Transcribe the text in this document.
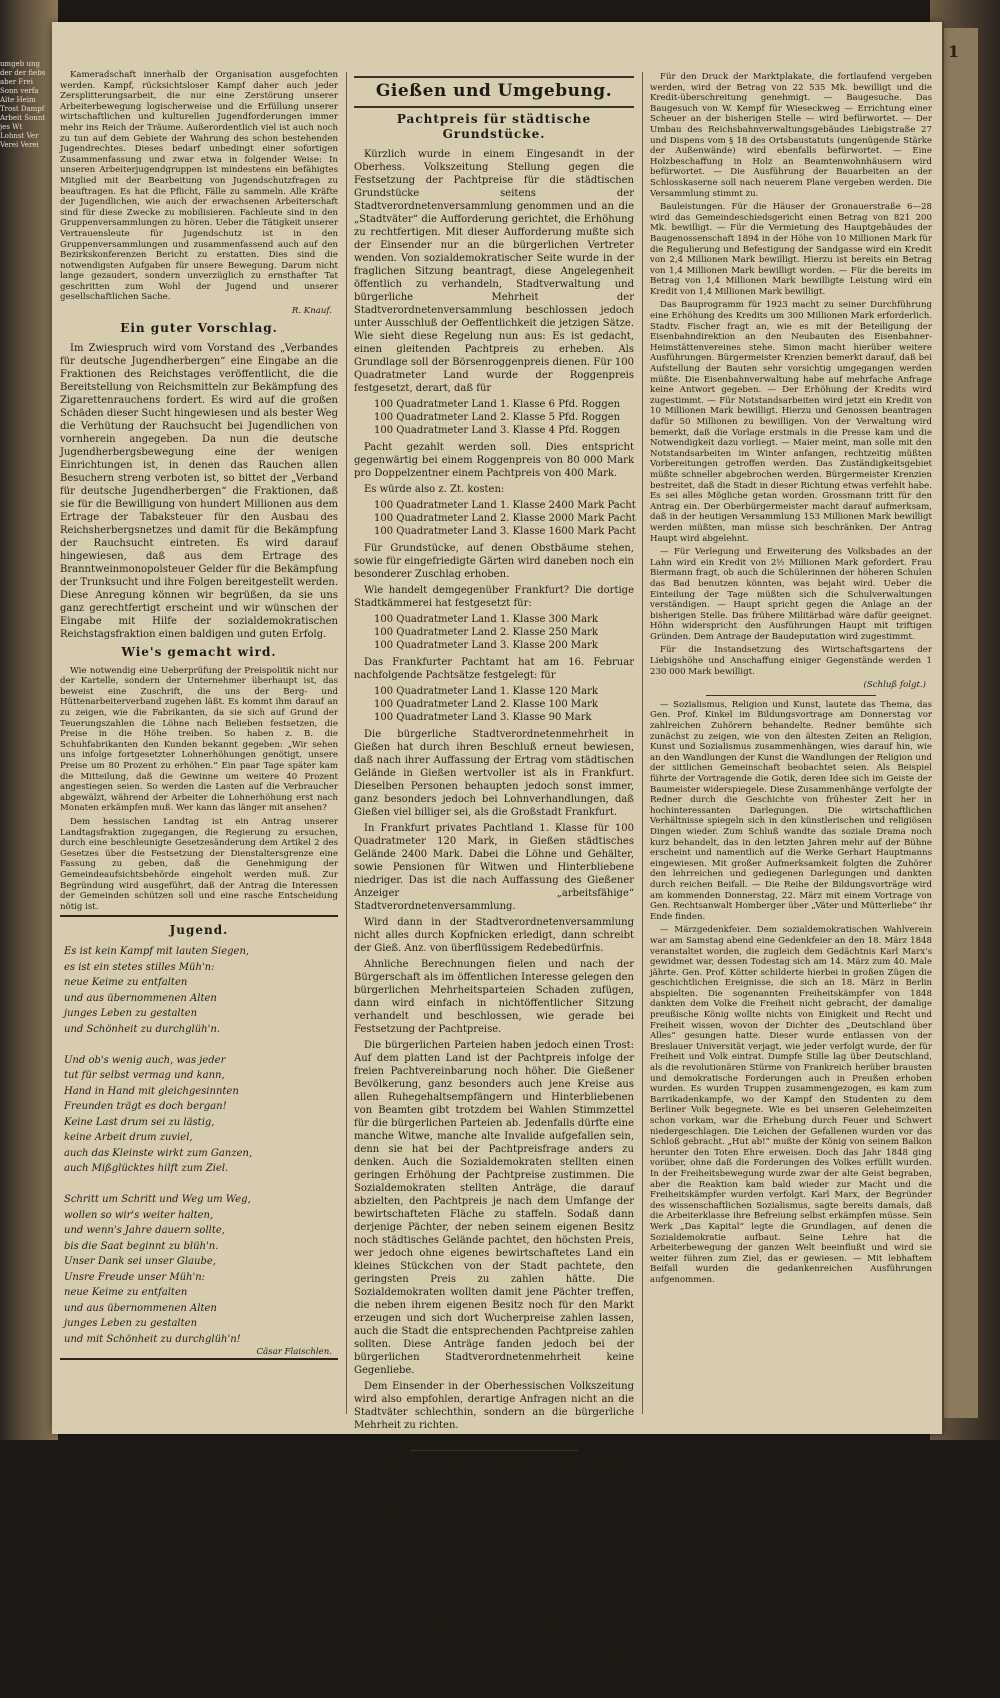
umgeb ung der der fiebs aber Frei Sonn verfa Alte Heim Trost Dampf Arbeit Sonnt jes Wt Lohnst Ver Verei Verei
1

Kameradschaft innerhalb der Organisation ausgefochten werden. Kampf, rücksichtsloser Kampf daher auch jeder Zersplitterungsarbeit, die nur eine Zerstörung unserer Arbeiterbewegung logischerweise und die Erfüllung unserer wirtschaftlichen und kulturellen Jugendforderungen immer mehr ins Reich der Träume. Außerordentlich viel ist auch noch zu tun auf dem Gebiete der Wahrung des schon bestehenden Jugendrechtes. Dieses bedarf unbedingt einer sofortigen Zusammenfassung und zwar etwa in folgender Weise: In unseren Arbeiterjugendgruppen ist mindestens ein befähigtes Mitglied mit der Bearbeitung von Jugendschutzfragen zu beauftragen. Es hat die Pflicht, Fälle zu sammeln. Alle Kräfte der Jugendlichen, wie auch der erwachsenen Arbeiterschaft sind für diese Zwecke zu mobilisieren. Fachleute sind in den Gruppenversammlungen zu hören. Ueber die Tätigkeit unserer Vertrauensleute für Jugendschutz ist in den Gruppenversammlungen und zusammenfassend auch auf den Bezirkskonferenzen Bericht zu erstatten. Dies sind die notwendigsten Aufgaben für unsere Bewegung. Darum nicht lange gezaudert, sondern unverzüglich zu ernsthafter Tat geschritten zum Wohl der Jugend und unserer gesellschaftlichen Sache.

R. Knauf.
Ein guter Vorschlag.

Im Zwiespruch wird vom Vorstand des „Verbandes für deutsche Jugendherbergen“ eine Eingabe an die Fraktionen des Reichstages veröffentlicht, die die Bereitstellung von Reichsmitteln zur Bekämpfung des Zigarettenrauchens fordert. Es wird auf die großen Schäden dieser Sucht hingewiesen und als bester Weg die Verhütung der Rauchsucht bei Jugendlichen von vornherein angegeben. Da nun die deutsche Jugendherbergsbewegung eine der wenigen Einrichtungen ist, in denen das Rauchen allen Besuchern streng verboten ist, so bittet der „Verband für deutsche Jugendherbergen“ die Fraktionen, daß sie für die Bewilligung von hundert Millionen aus dem Ertrage der Tabaksteuer für den Ausbau des Reichsherbergsnetzes und damit für die Bekämpfung der Rauchsucht eintreten. Es wird darauf hingewiesen, daß aus dem Ertrage des Branntweinmonopolsteuer Gelder für die Bekämpfung der Trunksucht und ihre Folgen bereitgestellt werden. Diese Anregung können wir begrüßen, da sie uns ganz gerechtfertigt erscheint und wir wünschen der Eingabe mit Hilfe der sozialdemokratischen Reichstagsfraktion einen baldigen und guten Erfolg.

Wie's gemacht wird.

Wie notwendig eine Ueberprüfung der Preispolitik nicht nur der Kartelle, sondern der Unternehmer überhaupt ist, das beweist eine Zuschrift, die uns der Berg- und Hüttenarbeiterverband zugehen läßt. Es kommt ihm darauf an zu zeigen, wie die Fabrikanten, da sie sich auf Grund der Teuerungszahlen die Löhne nach Belieben festsetzen, die Preise in die Höhe treiben. So haben z. B. die Schuhfabrikanten den Kunden bekannt gegeben: „Wir sehen uns infolge fortgesetzter Lohnerhöhungen genötigt, unsere Preise um 80 Prozent zu erhöhen.“ Ein paar Tage später kam die Mitteilung, daß die Gewinne um weitere 40 Prozent angestiegen seien. So werden die Lasten auf die Verbraucher abgewälzt, während der Arbeiter die Lohnerhöhung erst nach Monaten erkämpfen muß. Wer kann das länger mit ansehen?

Dem hessischen Landtag ist ein Antrag unserer Landtagsfraktion zugegangen, die Regierung zu ersuchen, durch eine beschleunigte Gesetzesänderung dem Artikel 2 des Gesetzes über die Festsetzung der Dienstaltersgrenze eine Fassung zu geben, daß die Genehmigung der Gemeindeaufsichtsbehörde eingeholt werden muß. Zur Begründung wird ausgeführt, daß der Antrag die Interessen der Gemeinden schützen soll und eine rasche Entscheidung nötig ist.

Jugend.
Es ist kein Kampf mit lauten Siegen,
es ist ein stetes stilles Müh'n:
neue Keime zu entfalten
und aus übernommenen Alten
junges Leben zu gestalten
und Schönheit zu durchglüh'n.

Und ob's wenig auch, was jeder
tut für selbst vermag und kann,
Hand in Hand mit gleichgesinnten
Freunden trägt es doch bergan!
Keine Last drum sei zu lästig,
keine Arbeit drum zuviel,
auch das Kleinste wirkt zum Ganzen,
auch Mißglücktes hilft zum Ziel.

Schritt um Schritt und Weg um Weg,
wollen so wir's weiter halten,
und wenn's Jahre dauern sollte,
bis die Saat beginnt zu blüh'n.
Unser Dank sei unser Glaube,
Unsre Freude unser Müh'n:
neue Keime zu entfalten
und aus übernommenen Alten
junges Leben zu gestalten
und mit Schönheit zu durchglüh'n!
Cäsar Flaischlen.
Gießen und Umgebung.
Pachtpreis für städtische Grundstücke.

Kürzlich wurde in einem Eingesandt in der Oberhess. Volkszeitung Stellung gegen die Festsetzung der Pachtpreise für die städtischen Grundstücke seitens der Stadtverordnetenversammlung genommen und an die „Stadtväter“ die Aufforderung gerichtet, die Erhöhung zu rechtfertigen. Mit dieser Aufforderung mußte sich der Einsender nur an die bürgerlichen Vertreter wenden. Von sozialdemokratischer Seite wurde in der fraglichen Sitzung beantragt, diese Angelegenheit öffentlich zu verhandeln, Stadtverwaltung und bürgerliche Mehrheit der Stadtverordnetenversammlung beschlossen jedoch unter Ausschluß der Oeffentlichkeit die jetzigen Sätze. Wie sieht diese Regelung nun aus: Es ist gedacht, einen gleitenden Pachtpreis zu erheben. Als Grundlage soll der Börsenroggenpreis dienen. Für 100 Quadratmeter Land wurde der Roggenpreis festgesetzt, derart, daß für

100 Quadratmeter Land 1. Klasse 6 Pfd. Roggen
100 Quadratmeter Land 2. Klasse 5 Pfd. Roggen
100 Quadratmeter Land 3. Klasse 4 Pfd. Roggen

Pacht gezahlt werden soll. Dies entspricht gegenwärtig bei einem Roggenpreis von 80 000 Mark pro Doppelzentner einem Pachtpreis von 400 Mark.

Es würde also z. Zt. kosten:

100 Quadratmeter Land 1. Klasse 2400 Mark Pacht
100 Quadratmeter Land 2. Klasse 2000 Mark Pacht
100 Quadratmeter Land 3. Klasse 1600 Mark Pacht

Für Grundstücke, auf denen Obstbäume stehen, sowie für eingefriedigte Gärten wird daneben noch ein besonderer Zuschlag erhoben.

Wie handelt demgegenüber Frankfurt? Die dortige Stadtkämmerei hat festgesetzt für:

100 Quadratmeter Land 1. Klasse 300 Mark
100 Quadratmeter Land 2. Klasse 250 Mark
100 Quadratmeter Land 3. Klasse 200 Mark

Das Frankfurter Pachtamt hat am 16. Februar nachfolgende Pachtsätze festgelegt: für

100 Quadratmeter Land 1. Klasse 120 Mark
100 Quadratmeter Land 2. Klasse 100 Mark
100 Quadratmeter Land 3. Klasse 90 Mark

Die bürgerliche Stadtverordnetenmehrheit in Gießen hat durch ihren Beschluß erneut bewiesen, daß nach ihrer Auffassung der Ertrag vom städtischen Gelände in Gießen wertvoller ist als in Frankfurt. Dieselben Personen behaupten jedoch sonst immer, ganz besonders jedoch bei Lohnverhandlungen, daß Gießen viel billiger sei, als die Großstadt Frankfurt.

In Frankfurt privates Pachtland 1. Klasse für 100 Quadratmeter 120 Mark, in Gießen städtisches Gelände 2400 Mark. Dabei die Löhne und Gehälter, sowie Pensionen für Witwen und Hinterbliebene niedriger. Das ist die nach Auffassung des Gießener Anzeiger „arbeitsfähige“ Stadtverordnetenversammlung.

Wird dann in der Stadtverordnetenversammlung nicht alles durch Kopfnicken erledigt, dann schreibt der Gieß. Anz. von überflüssigem Redebedürfnis.

Ahnliche Berechnungen fielen und nach der Bürgerschaft als im öffentlichen Interesse gelegen den bürgerlichen Mehrheitsparteien Schaden zufügen, dann wird einfach in nichtöffentlicher Sitzung verhandelt und beschlossen, wie gerade bei Festsetzung der Pachtpreise.

Die bürgerlichen Parteien haben jedoch einen Trost: Auf dem platten Land ist der Pachtpreis infolge der freien Pachtvereinbarung noch höher. Die Gießener Bevölkerung, ganz besonders auch jene Kreise aus allen Ruhegehaltsempfängern und Hinterbliebenen von Beamten gibt trotzdem bei Wahlen Stimmzettel für die bürgerlichen Parteien ab. Jedenfalls dürfte eine manche Witwe, manche alte Invalide aufgefallen sein, denn sie hat bei der Pachtpreisfrage anders zu denken. Auch die Sozialdemokraten stellten einen geringen Erhöhung der Pachtpreise zustimmen. Die Sozialdemokraten stellten Anträge, die darauf abzielten, den Pachtpreis je nach dem Umfange der bewirtschafteten Fläche zu staffeln. Sodaß dann derjenige Pächter, der neben seinem eigenen Besitz noch städtisches Gelände pachtet, den höchsten Preis, wer jedoch ohne eigenes bewirtschaftetes Land ein kleines Stückchen von der Stadt pachtete, den geringsten Preis zu zahlen hätte. Die Sozialdemokraten wollten damit jene Pächter treffen, die neben ihrem eigenen Besitz noch für den Markt erzeugen und sich dort Wucherpreise zahlen lassen, auch die Stadt die entsprechenden Pachtpreise zahlen sollten. Diese Anträge fanden jedoch bei der bürgerlichen Stadtverordnetenmehrheit keine Gegenliebe.

Dem Einsender in der Oberhessischen Volkszeitung wird also empfohlen, derartige Anfragen nicht an die Stadtväter schlechthin, sondern an die bürgerliche Mehrheit zu richten.

n.
Stadtverordneten-Versammlung.
(Fortsetzung)

Die Einteilung der Armenbezirke und der Wahl der Armenpfleger wird nach dem Vorschlag der Wohlfahrts-Deputation genehmigt.

Zur Kleinrentnerfürsorge hat die Stadt bis jetzt an von dem Reich und Staat überwiesenen Mitteln 258 132 Mk. beizutragen, welcher Betrag bewilligt wird. — Dem Deutschen Verein für öffentliche und private Fürsorge wird für das Rechnungsjahr 1922 eine Teuerungsbeihilfe von 340 Mk. bewilligt (10 Mk. auf je 1000 Einwohner).

Das Holzlesen im Walde soll nach einem Antrage von Haupt und Genossen an 4 Tagen wöchentlich gestattet werden. Von der Forst- und Landwirtschaftlichen Deputation wird der Antrag abzulehnen empfohlen, weil nach Auskunft der Forstbehörde so wenig Leseholz vorhanden, daß es nicht für einen Lesetag reicht. Es würde also keinen Zweck haben, mehrere Tage freizugeben. Haupt weist dagegen darauf hin, daß durch das Verbot des Holzlesens Holzdiebstahl gefördert werde. Nach weiterer Debatte wird der kommunistische Antrag einstimmig abgelehnt.

Für den Druck der Marktplakate, die fortlaufend vergeben werden, wird der Betrag von 22 535 Mk. bewilligt und die Kredit-überschreitung genehmigt. — Baugesuche. Das Baugesuch von W. Kempf für Wieseckweg — Errichtung einer Scheuer an der bisherigen Stelle — wird befürwortet. — Der Umbau des Reichsbahnverwaltungsgebäudes Liebigstraße 27 und Dispens vom § 18 des Ortsbaustatuts (ungenügende Stärke der Außenwände) wird ebenfalls befürwortet. — Eine Holzbeschaffung in Holz an Beamtenwohnhäusern wird befürwortet. — Die Ausführung der Bauarbeiten an der Schlosskaserne soll nach neuerem Plane vergeben werden. Die Versammlung stimmt zu.

Bauleistungen. Für die Häuser der Gronauerstraße 6—28 wird das Gemeindeschiedsgericht einen Betrag von 821 200 Mk. bewilligt. — Für die Vermietung des Hauptgebäudes der Baugenossenschaft 1894 in der Höhe von 10 Millionen Mark für die Regulierung und Befestigung der Sandgasse wird ein Kredit von 2,4 Millionen Mark bewilligt. Hierzu ist bereits ein Betrag von 1,4 Millionen Mark bewilligt worden. — Für die bereits im Betrag von 1,4 Millionen Mark bewilligte Leistung wird ein Kredit von 1,4 Millionen Mark bewilligt.

Das Bauprogramm für 1923 macht zu seiner Durchführung eine Erhöhung des Kredits um 300 Millionen Mark erforderlich. Stadtv. Fischer fragt an, wie es mit der Beteiligung der Eisenbahndirektion an den Neubauten des Eisenbahner-Heimstättenvereines stehe. Simon macht hierüber weitere Ausführungen. Bürgermeister Krenzien bemerkt darauf, daß bei Aufstellung der Bauten sehr vorsichtig umgegangen werden müßte. Die Eisenbahnverwaltung habe auf mehrfache Anfrage keine Antwort gegeben. — Der Erhöhung der Kredits wird zugestimmt. — Für Notstandsarbeiten wird jetzt ein Kredit von 10 Millionen Mark bewilligt. Hierzu und Genossen beantragen dafür 50 Millionen zu bewilligen. Von der Verwaltung wird bemerkt, daß die Vorlage erstmals in die Presse kam und die Notwendigkeit dazu vorliegt. — Maier meint, man solle mit den Notstandsarbeiten im Winter anfangen, rechtzeitig müßten Vorbereitungen getroffen werden. Das Zuständigkeitsgebiet müßte schneller abgebrochen werden. Bürgermeister Krenzien bestreitet, daß die Stadt in dieser Richtung etwas verfehlt habe. Es sei alles Mögliche getan worden. Grossmann tritt für den Antrag ein. Der Oberbürgermeister macht darauf aufmerksam, daß in der heutigen Versammlung 153 Millionen Mark bewilligt werden müßten, man müsse sich beschränken. Der Antrag Haupt wird abgelehnt.

— Für Verlegung und Erweiterung des Volksbades an der Lahn wird ein Kredit von 2½ Millionen Mark gefordert. Frau Biermann fragt, ob auch die Schülerinnen der höheren Schulen das Bad benutzen könnten, was bejaht wird. Ueber die Einteilung der Tage müßten sich die Schulverwaltungen verständigen. — Haupt spricht gegen die Anlage an der bisherigen Stelle. Das frühere Militärbad wäre dafür geeignet. Höhn widerspricht den Ausführungen Haupt mit triftigen Gründen. Dem Antrage der Baudeputation wird zugestimmt.

Für die Instandsetzung des Wirtschaftsgartens der Liebigshöhe und Anschaffung einiger Gegenstände werden 1 230 000 Mark bewilligt.

(Schluß folgt.)

— Sozialismus, Religion und Kunst, lautete das Thema, das Gen. Prof. Kinkel im Bildungsvortrage am Donnerstag vor zahlreichen Zuhörern behandelte. Redner bemühte sich zunächst zu zeigen, wie von den ältesten Zeiten an Religion, Kunst und Sozialismus zusammenhängen, wies darauf hin, wie an den Wandlungen der Kunst die Wandlungen der Religion und der sittlichen Gemeinschaft beobachtet seien. Als Beispiel führte der Vortragende die Gotik, deren Idee sich im Geiste der Baumeister widerspiegele. Diese Zusammenhänge verfolgte der Redner durch die Geschichte von frühester Zeit her in hochinteressanten Darlegungen. Die wirtschaftlichen Verhältnisse spiegeln sich in den künstlerischen und religiösen Dingen wieder. Zum Schluß wandte das soziale Drama noch kurz behandelt, das in den letzten Jahren mehr auf der Bühne erscheint und namentlich auf die Werke Gerhart Hauptmanns eingewiesen. Mit großer Aufmerksamkeit folgten die Zuhörer den lehrreichen und gediegenen Darlegungen und dankten durch reichen Beifall. — Die Reihe der Bildungsvorträge wird am kommenden Donnerstag, 22. März mit einem Vortrage von Gen. Rechtsanwalt Homberger über „Väter und Mütterliebe“ ihr Ende finden.

— Märzgedenkfeier. Dem sozialdemokratischen Wahlverein war am Samstag abend eine Gedenkfeier an den 18. März 1848 veranstaltet worden, die zugleich dem Gedächtnis Karl Marx's gewidmet war, dessen Todestag sich am 14. März zum 40. Male jährte. Gen. Prof. Kötter schilderte hierbei in großen Zügen die geschichtlichen Ereignisse, die sich an 18. März in Berlin abspielten. Die sogenannten Freiheitskämpfer von 1848 dankten dem Volke die Freiheit nicht gebracht, der damalige preußische König wollte nichts von Einigkeit und Recht und Freiheit wissen, wovon der Dichter des „Deutschland über Alles“ gesungen hatte. Dieser wurde entlassen von der Breslauer Universität verjagt, wie jeder verfolgt wurde, der für Freiheit und Volk eintrat. Dumpfe Stille lag über Deutschland, als die revolutionären Stürme von Frankreich herüber brausten und demokratische Forderungen auch in Preußen erhoben wurden. Es wurden Truppen zusammengezogen, es kam zum Barrikadenkampfe, wo der Kampf den Studenten zu dem Berliner Volk begegnete. Wie es bei unseren Geleheimzeiten schon vorkam, war die Erhebung durch Feuer und Schwert niedergeschlagen. Die Leichen der Gefallenen wurden vor das Schloß gebracht. „Hut ab!“ mußte der König von seinem Balkon herunter den Toten Ehre erweisen. Doch das Jahr 1848 ging vorüber, ohne daß die Forderungen des Volkes erfüllt wurden. In der Freiheitsbewegung wurde zwar der alte Geist begraben, aber die Reaktion kam bald wieder zur Macht und die Freiheitskämpfer wurden verfolgt. Karl Marx, der Begründer des wissenschaftlichen Sozialismus, sagte bereits damals, daß die Arbeiterklasse ihre Befreiung selbst erkämpfen müsse. Sein Werk „Das Kapital“ legte die Grundlagen, auf denen die Sozialdemokratie aufbaut. Seine Lehre hat die Arbeiterbewegung der ganzen Welt beeinflußt und wird sie weiter führen zum Ziel, das er gewiesen. — Mit lebhaftem Beifall wurden die gedankenreichen Ausführungen aufgenommen.
